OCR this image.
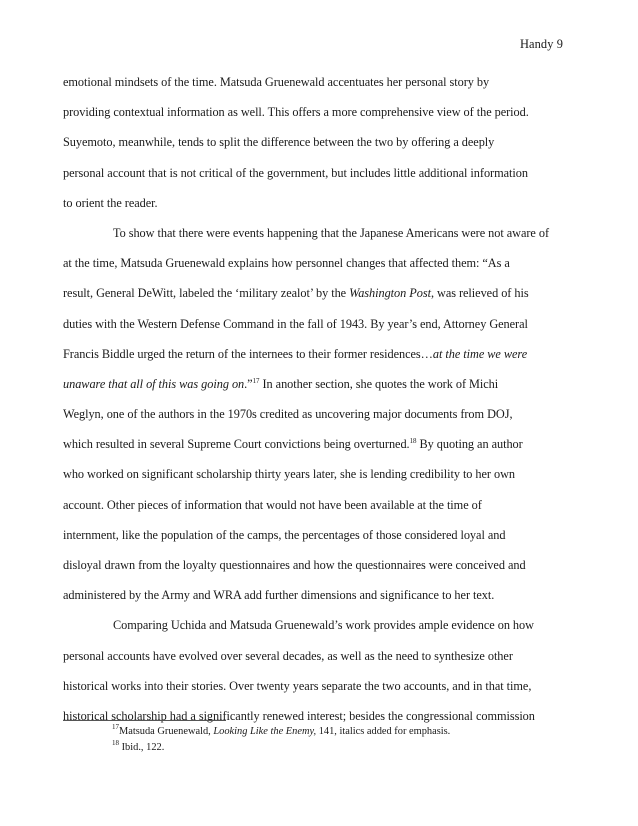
Handy 9
emotional mindsets of the time. Matsuda Gruenewald accentuates her personal story by
providing contextual information as well. This offers a more comprehensive view of the period.
Suyemoto, meanwhile, tends to split the difference between the two by offering a deeply
personal account that is not critical of the government, but includes little additional information
to orient the reader.
To show that there were events happening that the Japanese Americans were not aware of
at the time, Matsuda Gruenewald explains how personnel changes that affected them: “As a
result, General DeWitt, labeled the ‘military zealot’ by the Washington Post, was relieved of his
duties with the Western Defense Command in the fall of 1943. By year’s end, Attorney General
Francis Biddle urged the return of the internees to their former residences…at the time we were
unaware that all of this was going on.”$^{17}$ In another section, she quotes the work of Michi
Weglyn, one of the authors in the 1970s credited as uncovering major documents from DOJ,
which resulted in several Supreme Court convictions being overturned.$^{18}$ By quoting an author
who worked on significant scholarship thirty years later, she is lending credibility to her own
account. Other pieces of information that would not have been available at the time of
internment, like the population of the camps, the percentages of those considered loyal and
disloyal drawn from the loyalty questionnaires and how the questionnaires were conceived and
administered by the Army and WRA add further dimensions and significance to her text.
Comparing Uchida and Matsuda Gruenewald’s work provides ample evidence on how
personal accounts have evolved over several decades, as well as the need to synthesize other
historical works into their stories. Over twenty years separate the two accounts, and in that time,
historical scholarship had a significantly renewed interest; besides the congressional commission
$^{17}$Matsuda Gruenewald, Looking Like the Enemy, 141, italics added for emphasis.
$^{18}$ Ibid., 122.
